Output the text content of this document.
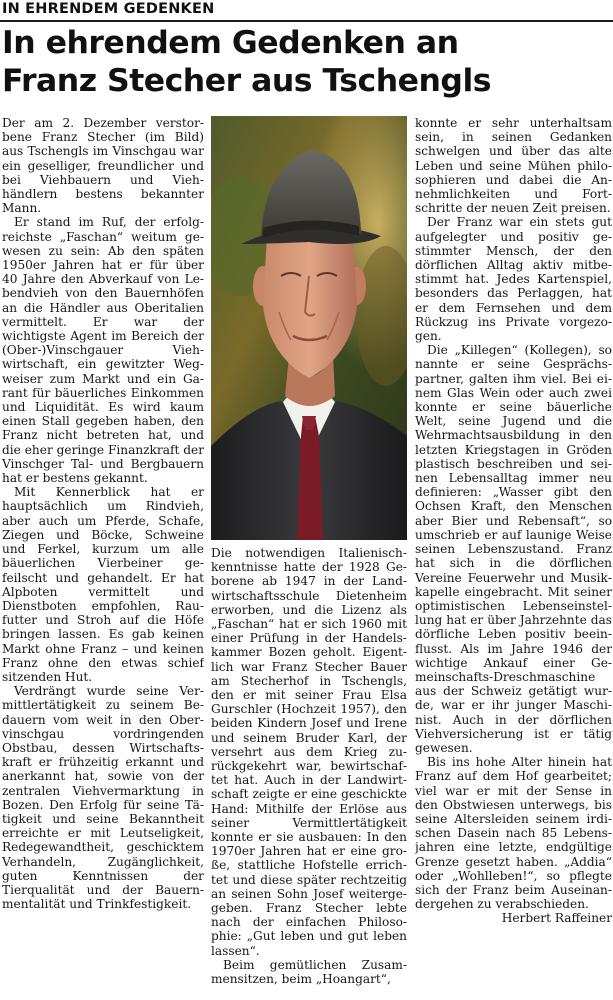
IN EHRENDEM GEDENKEN
In ehrendem Gedenken an
Franz Stecher aus Tschengls

Der am 2. Dezember verstorbene Franz Stecher (im Bild) aus Tschengls im Vinschgau war ein geselliger, freundlicher und bei Viehbauern und Viehhändlern bestens bekannter Mann.

Er stand im Ruf, der erfolgreichste „Faschan“ weitum gewesen zu sein: Ab den späten 1950er Jahren hat er für über 40 Jahre den Abverkauf von Lebendvieh von den Bauernhöfen an die Händler aus Oberitalien vermittelt. Er war der wichtigste Agent im Bereich der (Ober-)Vinschgauer Viehwirtschaft, ein gewitzter Wegweiser zum Markt und ein Garant für bäuerliches Einkommen und Liquidität. Es wird kaum einen Stall gegeben haben, den Franz nicht betreten hat, und die eher geringe Finanzkraft der Vinschger Tal- und Bergbauern hat er bestens gekannt.

Mit Kennerblick hat er hauptsächlich um Rindvieh, aber auch um Pferde, Schafe, Ziegen und Böcke, Schweine und Ferkel, kurzum um alle bäuerlichen Vierbeiner gefeilscht und gehandelt. Er hat Alpboten vermittelt und Dienstboten empfohlen, Raufutter und Stroh auf die Höfe bringen lassen. Es gab keinen Markt ohne Franz – und keinen Franz ohne den etwas schief sitzenden Hut.

Verdrängt wurde seine Vermittlertätigkeit zu seinem Bedauern vom weit in den Obervinschgau vordringenden Obstbau, dessen Wirtschaftskraft er frühzeitig erkannt und anerkannt hat, sowie von der zentralen Viehvermarktung in Bozen. Den Erfolg für seine Tätigkeit und seine Bekanntheit erreichte er mit Leutseligkeit, Redegewandtheit, geschicktem Verhandeln, Zugänglichkeit, guten Kenntnissen der Tierqualität und der Bauernmentalität und Trinkfestigkeit.

Die notwendigen Italienischkenntnisse hatte der 1928 Geborene ab 1947 in der Landwirtschaftsschule Dietenheim erworben, und die Lizenz als „Faschan“ hat er sich 1960 mit einer Prüfung in der Handelskammer Bozen geholt. Eigentlich war Franz Stecher Bauer am Stecherhof in Tschengls, den er mit seiner Frau Elsa Gurschler (Hochzeit 1957), den beiden Kindern Josef und Irene und seinem Bruder Karl, der versehrt aus dem Krieg zurückgekehrt war, bewirtschaftet hat. Auch in der Landwirtschaft zeigte er eine geschickte Hand: Mithilfe der Erlöse aus seiner Vermittlertätigkeit konnte er sie ausbauen: In den 1970er Jahren hat er eine große, stattliche Hofstelle errichtet und diese später rechtzeitig an seinen Sohn Josef weitergegeben. Franz Stecher lebte nach der einfachen Philosophie: „Gut leben und gut leben lassen“.

Beim gemütlichen Zusammensitzen, beim „Hoangart“,

konnte er sehr unterhaltsam sein, in seinen Gedanken schwelgen und über das alte Leben und seine Mühen philosophieren und dabei die Annehmlichkeiten und Fortschritte der neuen Zeit preisen.

Der Franz war ein stets gut aufgelegter und positiv gestimmter Mensch, der den dörflichen Alltag aktiv mitbestimmt hat. Jedes Kartenspiel, besonders das Perlaggen, hat er dem Fernsehen und dem Rückzug ins Private vorgezogen.

Die „Killegen“ (Kollegen), so nannte er seine Gesprächspartner, galten ihm viel. Bei einem Glas Wein oder auch zwei konnte er seine bäuerliche Welt, seine Jugend und die Wehrmachtsausbildung in den letzten Kriegstagen in Gröden plastisch beschreiben und seinen Lebensalltag immer neu definieren: „Wasser gibt den Ochsen Kraft, den Menschen aber Bier und Rebensaft“, so umschrieb er auf launige Weise seinen Lebenszustand. Franz hat sich in die dörflichen Vereine Feuerwehr und Musikkapelle eingebracht. Mit seiner optimistischen Lebenseinstellung hat er über Jahrzehnte das dörfliche Leben positiv beeinflusst. Als im Jahre 1946 der wichtige Ankauf einer Gemeinschafts-Dreschmaschine aus der Schweiz getätigt wurde, war er ihr junger Maschinist. Auch in der dörflichen Viehversicherung ist er tätig gewesen.

Bis ins hohe Alter hinein hat Franz auf dem Hof gearbeitet; viel war er mit der Sense in den Obstwiesen unterwegs, bis seine Altersleiden seinem irdischen Dasein nach 85 Lebensjahren eine letzte, endgültige Grenze gesetzt haben. „Addia“ oder „Wohlleben!“, so pflegte sich der Franz beim Auseinandergehen zu verabschieden.

Herbert Raffeiner
